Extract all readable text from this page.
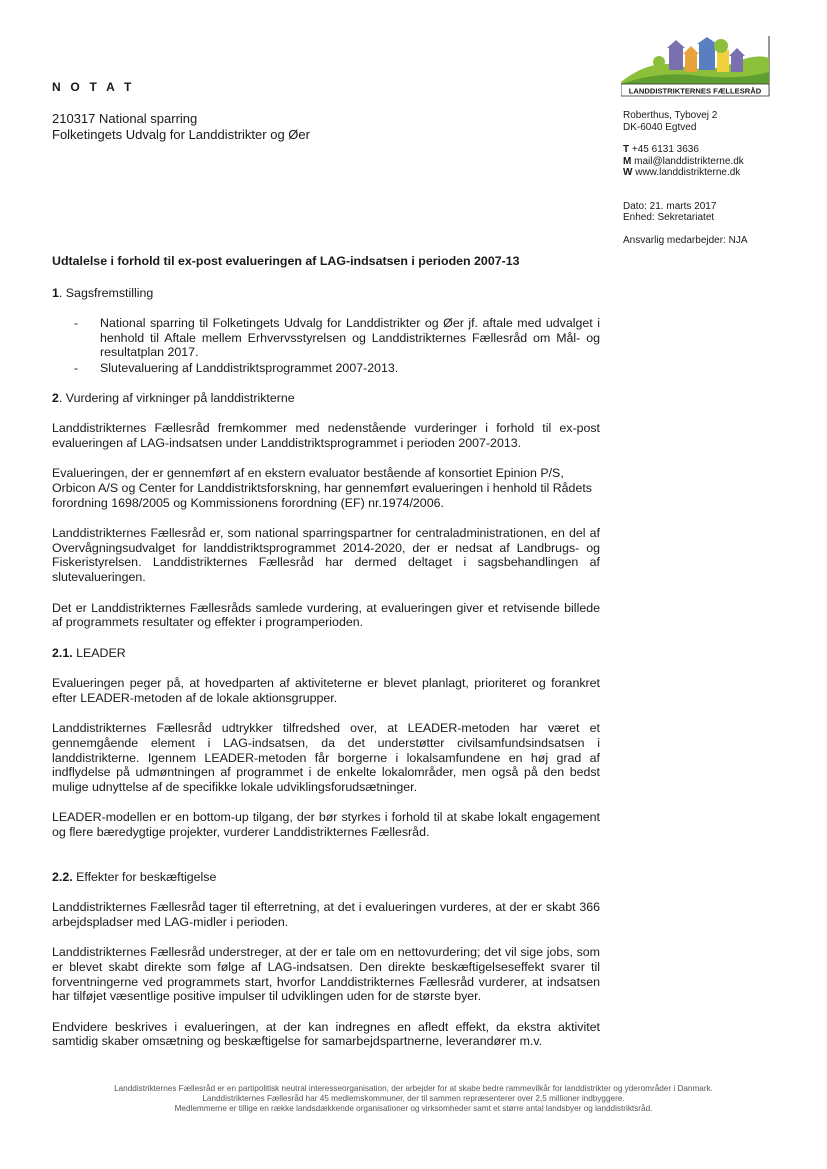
N O T A T
210317 National sparring
Folketingets Udvalg for Landdistrikter og Øer
LANDDISTRIKTERNES FÆLLESRÅD
Roberthus, Tybovej 2
DK-6040 Egtved
T +45 6131 3636
M mail@landdistrikterne.dk
W www.landdistrikterne.dk
Dato: 21. marts 2017
Enhed: Sekretariatet
Ansvarlig medarbejder: NJA

Udtalelse i forhold til ex-post evalueringen af LAG-indsatsen i perioden 2007-13

1. Sagsfremstilling

- National sparring til Folketingets Udvalg for Landdistrikter og Øer jf. aftale med udvalget i henhold til Aftale mellem Erhvervsstyrelsen og Landdistrikternes Fællesråd om Mål- og resultatplan 2017.
- Slutevaluering af Landdistriktsprogrammet 2007-2013.

2. Vurdering af virkninger på landdistrikterne

Landdistrikternes Fællesråd fremkommer med nedenstående vurderinger i forhold til ex-post evalueringen af LAG-indsatsen under Landdistriktsprogrammet i perioden 2007-2013.

Evalueringen, der er gennemført af en ekstern evaluator bestående af konsortiet Epinion P/S, Orbicon A/S og Center for Landdistriktsforskning, har gennemført evalueringen i henhold til Rådets forordning 1698/2005 og Kommissionens forordning (EF) nr.1974/2006.

Landdistrikternes Fællesråd er, som national sparringspartner for centraladministrationen, en del af Overvågningsudvalget for landdistriktsprogrammet 2014-2020, der er nedsat af Landbrugs- og Fiskeristyrelsen. Landdistrikternes Fællesråd har dermed deltaget i sagsbehandlingen af slutevalueringen.

Det er Landdistrikternes Fællesråds samlede vurdering, at evalueringen giver et retvisende billede af programmets resultater og effekter i programperioden.

2.1. LEADER

Evalueringen peger på, at hovedparten af aktiviteterne er blevet planlagt, prioriteret og forankret efter LEADER-metoden af de lokale aktionsgrupper.

Landdistrikternes Fællesråd udtrykker tilfredshed over, at LEADER-metoden har været et gennemgående element i LAG-indsatsen, da det understøtter civilsamfundsindsatsen i landdistrikterne. Igennem LEADER-metoden får borgerne i lokalsamfundene en høj grad af indflydelse på udmøntningen af programmet i de enkelte lokalområder, men også på den bedst mulige udnyttelse af de specifikke lokale udviklingsforudsætninger.

LEADER-modellen er en bottom-up tilgang, der bør styrkes i forhold til at skabe lokalt engagement og flere bæredygtige projekter, vurderer Landdistrikternes Fællesråd.

2.2. Effekter for beskæftigelse

Landdistrikternes Fællesråd tager til efterretning, at det i evalueringen vurderes, at der er skabt 366 arbejdspladser med LAG-midler i perioden.

Landdistrikternes Fællesråd understreger, at der er tale om en nettovurdering; det vil sige jobs, som er blevet skabt direkte som følge af LAG-indsatsen. Den direkte beskæftigelseseffekt svarer til forventningerne ved programmets start, hvorfor Landdistrikternes Fællesråd vurderer, at indsatsen har tilføjet væsentlige positive impulser til udviklingen uden for de største byer.

Endvidere beskrives i evalueringen, at der kan indregnes en afledt effekt, da ekstra aktivitet samtidig skaber omsætning og beskæftigelse for samarbejdspartnerne, leverandører m.v.

Landdistrikternes Fællesråd er en partipolitisk neutral interesseorganisation, der arbejder for at skabe bedre rammevilkår for landdistrikter og yderområder i Danmark.
Landdistrikternes Fællesråd har 45 medlemskommuner, der til sammen repræsenterer over 2,5 millioner indbyggere.
Medlemmerne er tillige en række landsdækkende organisationer og virksomheder samt et større antal landsbyer og landdistriktsråd.
